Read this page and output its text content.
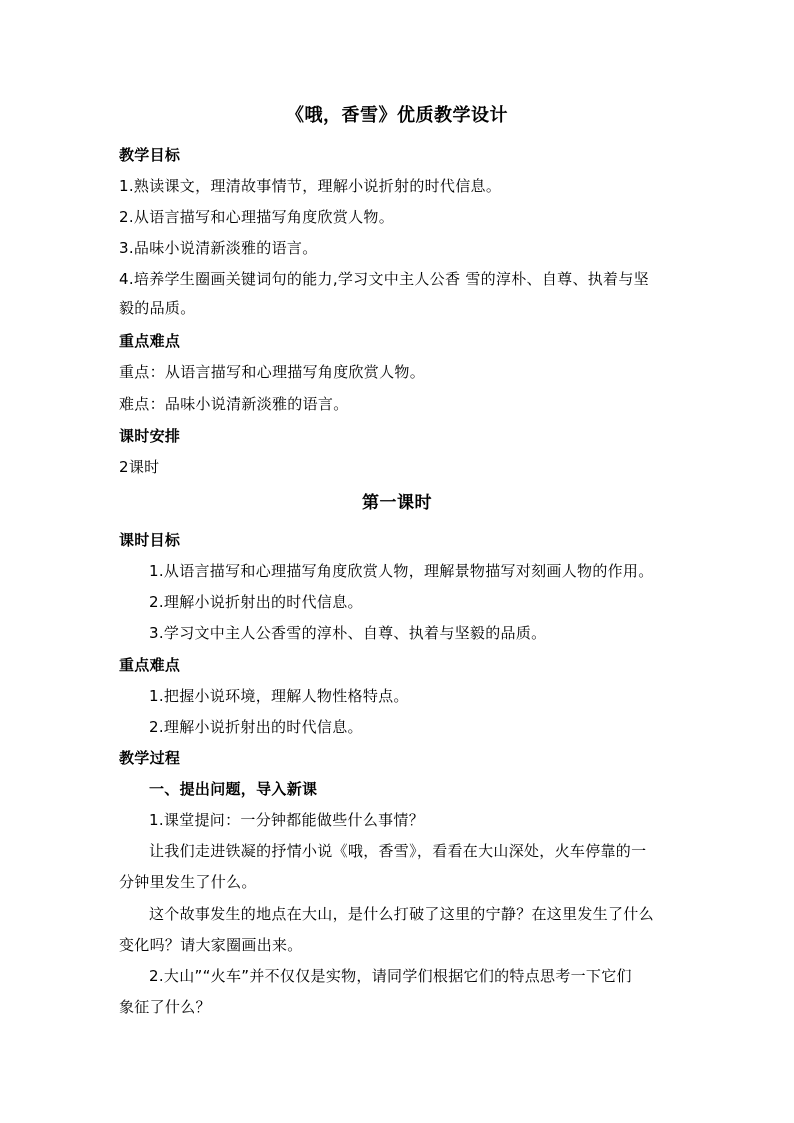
《哦，香雪》优质教学设计
教学目标
1.熟读课文，理清故事情节，理解小说折射的时代信息。
2.从语言描写和心理描写角度欣赏人物。
3.品味小说清新淡雅的语言。
4.培养学生圈画关键词句的能力,学习文中主人公香 雪的淳朴、自尊、执着与坚
毅的品质。
重点难点
重点：从语言描写和心理描写角度欣赏人物。
难点：品味小说清新淡雅的语言。
课时安排
2课时
第一课时
课时目标
1.从语言描写和心理描写角度欣赏人物，理解景物描写对刻画人物的作用。
2.理解小说折射出的时代信息。
3.学习文中主人公香雪的淳朴、自尊、执着与坚毅的品质。
重点难点
1.把握小说环境，理解人物性格特点。
2.理解小说折射出的时代信息。
教学过程
一、提出问题，导入新课
1.课堂提问：一分钟都能做些什么事情？
让我们走进铁凝的抒情小说《哦，香雪》，看看在大山深处，火车停靠的一
分钟里发生了什么。
这个故事发生的地点在大山，是什么打破了这里的宁静？在这里发生了什么
变化吗？请大家圈画出来。
2.大山”“火车”并不仅仅是实物，请同学们根据它们的特点思考一下它们
象征了什么？
